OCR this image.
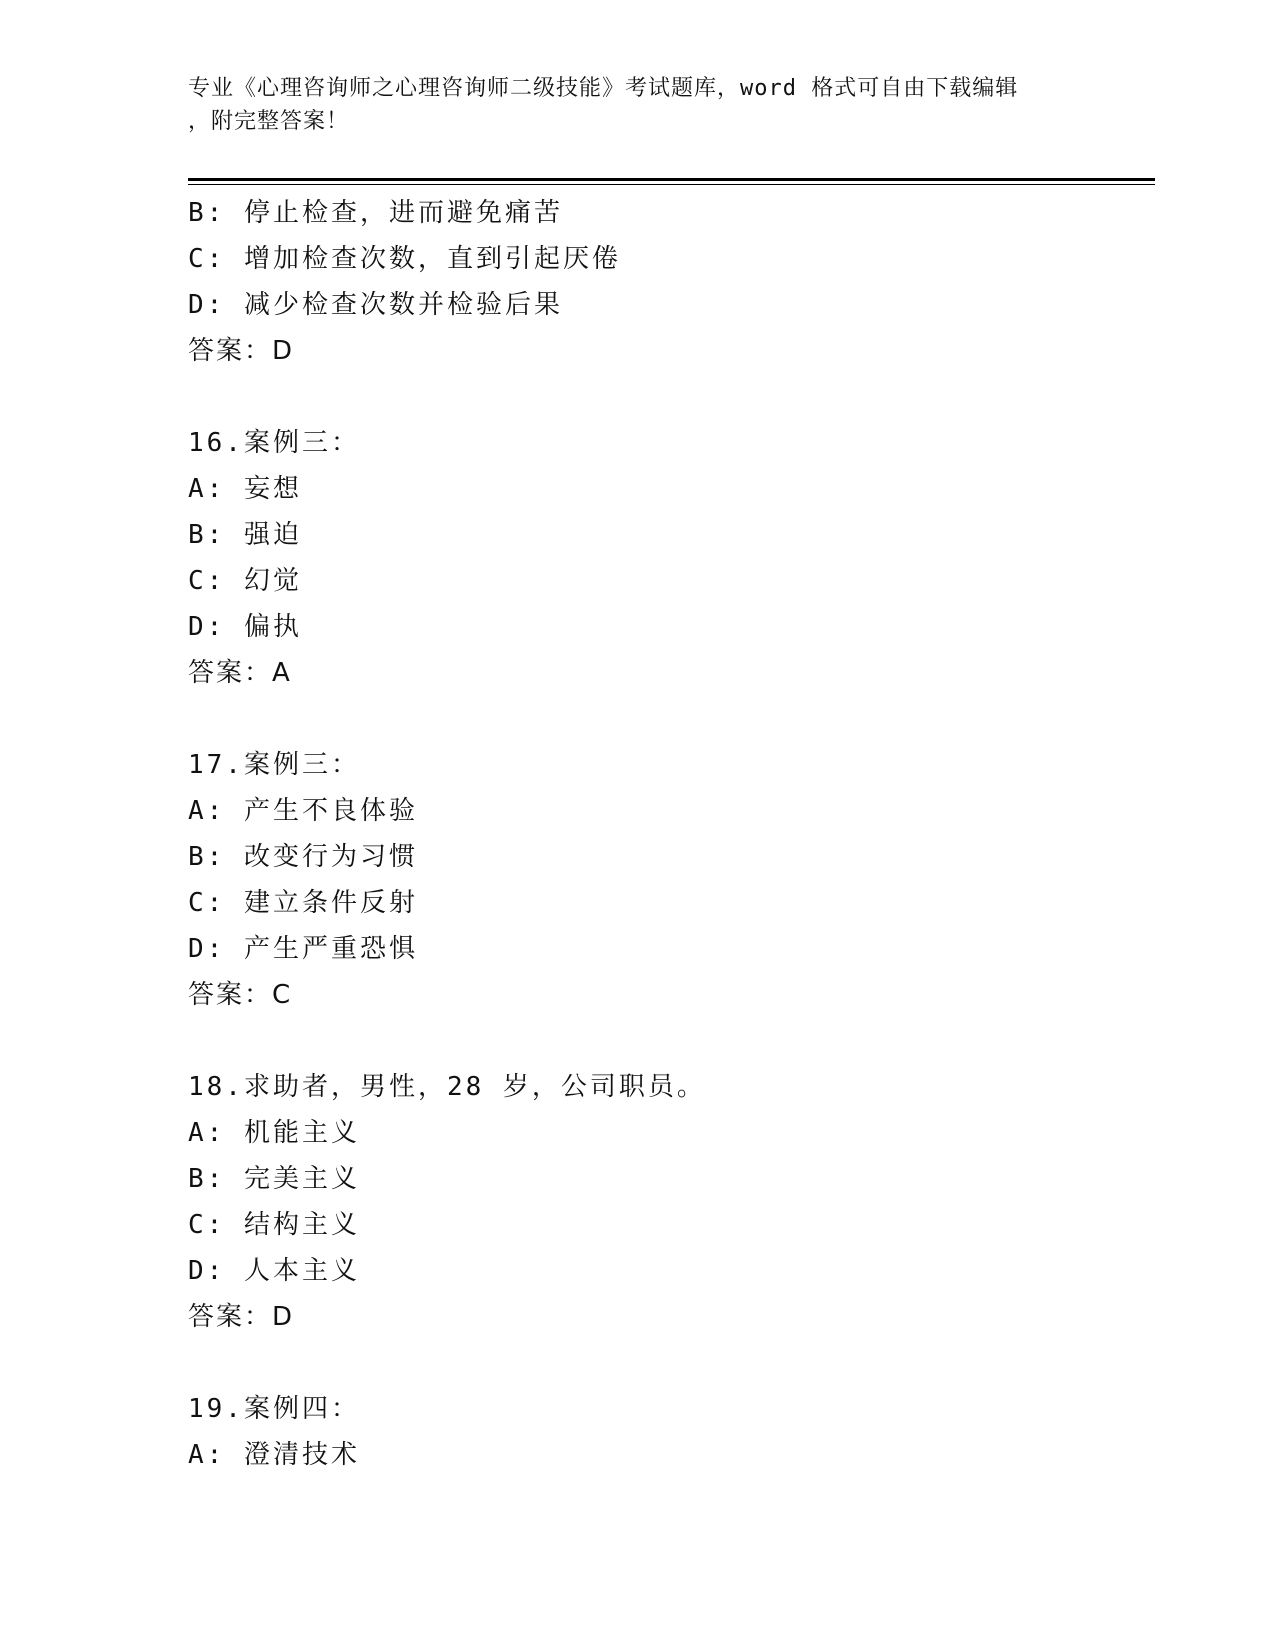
专业《心理咨询师之心理咨询师二级技能》考试题库，word 格式可自由下载编辑
，附完整答案！
B: 停止检查，进而避免痛苦
C: 增加检查次数，直到引起厌倦
D: 减少检查次数并检验后果
答案：D
16.案例三：
A: 妄想
B: 强迫
C: 幻觉
D: 偏执
答案：A
17.案例三：
A: 产生不良体验
B: 改变行为习惯
C: 建立条件反射
D: 产生严重恐惧
答案：C
18.求助者，男性，28 岁，公司职员。
A: 机能主义
B: 完美主义
C: 结构主义
D: 人本主义
答案：D
19.案例四：
A: 澄清技术
